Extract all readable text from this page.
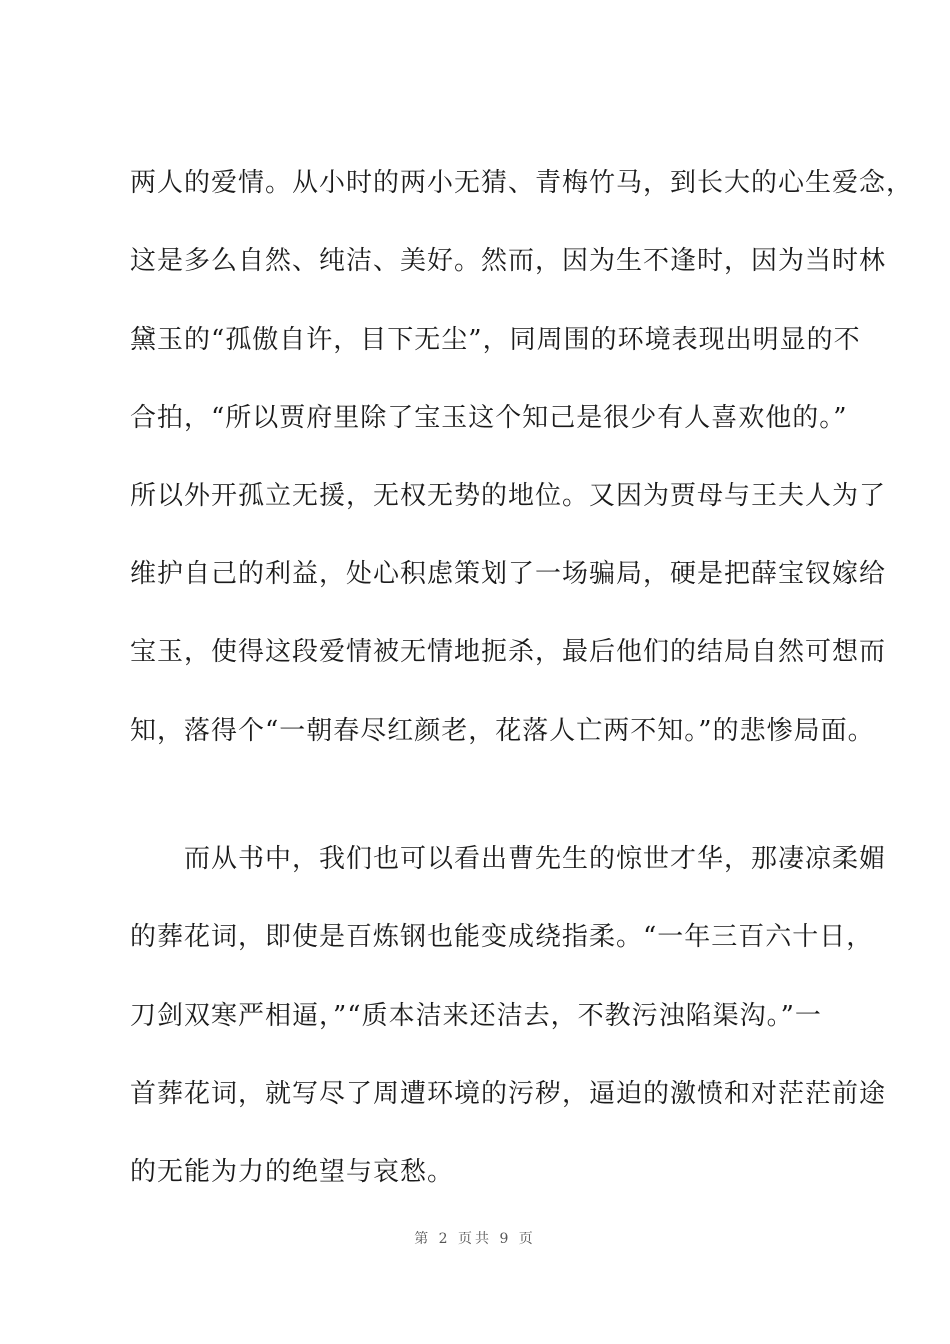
两人的爱情。从小时的两小无猜、青梅竹马，到长大的心生爱念，
这是多么自然、纯洁、美好。然而，因为生不逢时，因为当时林
黛玉的“孤傲自许，目下无尘”，同周围的环境表现出明显的不
合拍，“所以贾府里除了宝玉这个知己是很少有人喜欢他的。”
所以外开孤立无援，无权无势的地位。又因为贾母与王夫人为了
维护自己的利益，处心积虑策划了一场骗局，硬是把薛宝钗嫁给
宝玉，使得这段爱情被无情地扼杀，最后他们的结局自然可想而
知，落得个“一朝春尽红颜老，花落人亡两不知。”的悲惨局面。
　　而从书中，我们也可以看出曹先生的惊世才华，那凄凉柔媚
的葬花词，即使是百炼钢也能变成绕指柔。“一年三百六十日，
刀剑双寒严相逼，”“质本洁来还洁去，不教污浊陷渠沟。”一
首葬花词，就写尽了周遭环境的污秽，逼迫的激愤和对茫茫前途
的无能为力的绝望与哀愁。
第 2 页共 9 页
